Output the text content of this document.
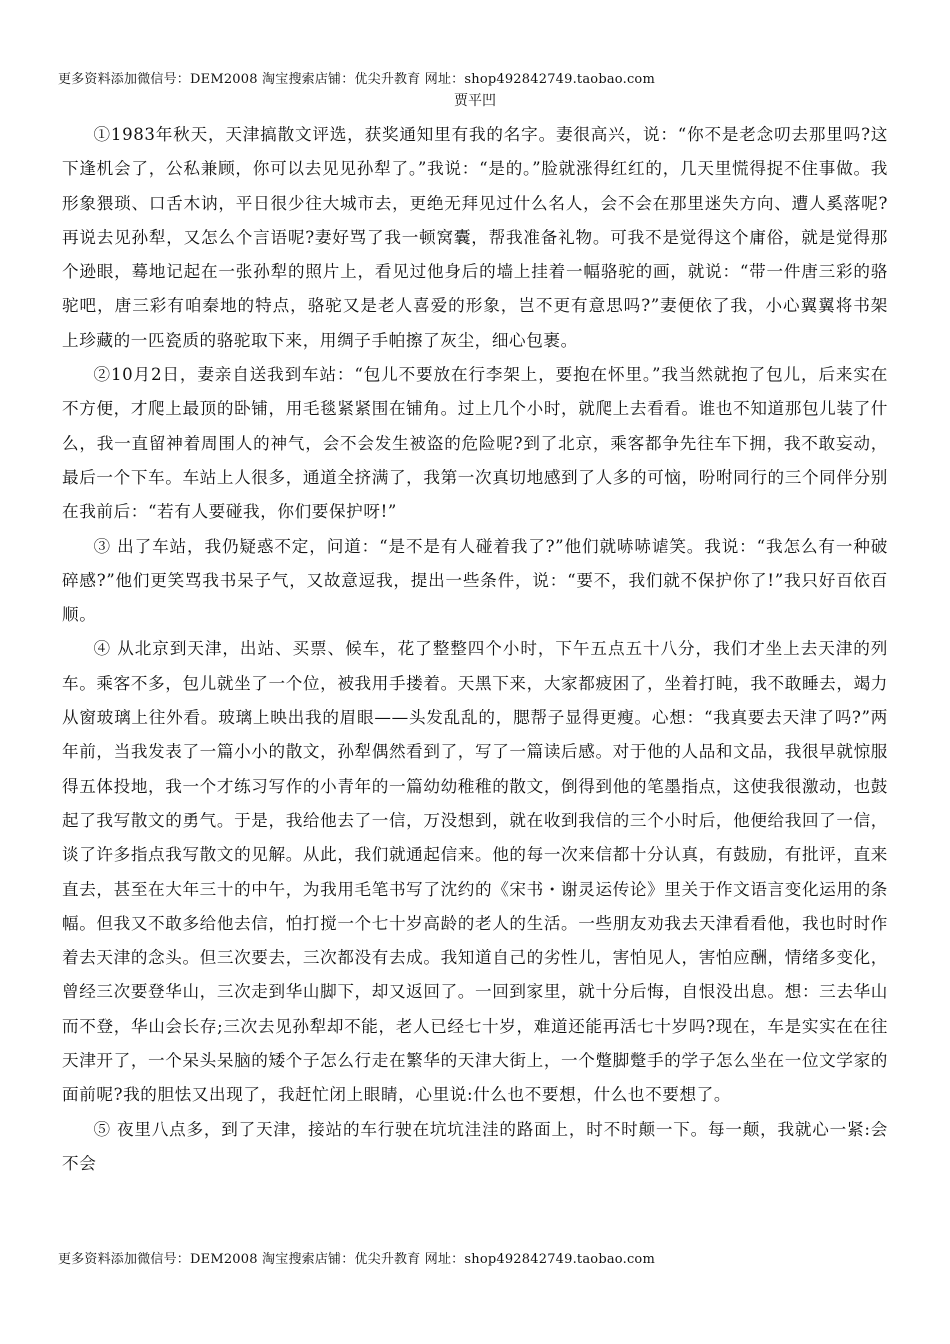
更多资料添加微信号：DEM2008 淘宝搜索店铺：优尖升教育 网址：shop492842749.taobao.com
贾平凹

①1983年秋天，天津搞散文评选，获奖通知里有我的名字。妻很高兴，说：“你不是老念叨去那里吗?这下逢机会了，公私兼顾，你可以去见见孙犁了。”我说：“是的。”脸就涨得红红的，几天里慌得捉不住事做。我形象猥琐、口舌木讷，平日很少往大城市去，更绝无拜见过什么名人，会不会在那里迷失方向、遭人奚落呢?再说去见孙犁，又怎么个言语呢?妻好骂了我一顿窝囊，帮我准备礼物。可我不是觉得这个庸俗，就是觉得那个逊眼，蓦地记起在一张孙犁的照片上，看见过他身后的墙上挂着一幅骆驼的画，就说：“带一件唐三彩的骆驼吧，唐三彩有咱秦地的特点，骆驼又是老人喜爱的形象，岂不更有意思吗?”妻便依了我，小心翼翼将书架上珍藏的一匹瓷质的骆驼取下来，用绸子手帕擦了灰尘，细心包裹。

②10月2日，妻亲自送我到车站：“包儿不要放在行李架上，要抱在怀里。”我当然就抱了包儿，后来实在不方便，才爬上最顶的卧铺，用毛毯紧紧围在铺角。过上几个小时，就爬上去看看。谁也不知道那包儿装了什么，我一直留神着周围人的神气，会不会发生被盗的危险呢?到了北京，乘客都争先往车下拥，我不敢妄动，最后一个下车。车站上人很多，通道全挤满了，我第一次真切地感到了人多的可恼，吩咐同行的三个同伴分别在我前后：“若有人要碰我，你们要保护呀!”

③ 出了车站，我仍疑惑不定，问道：“是不是有人碰着我了?”他们就哧哧谑笑。我说：“我怎么有一种破碎感?”他们更笑骂我书呆子气，又故意逗我，提出一些条件，说：“要不，我们就不保护你了!”我只好百依百顺。

④ 从北京到天津，出站、买票、候车，花了整整四个小时，下午五点五十八分，我们才坐上去天津的列车。乘客不多，包儿就坐了一个位，被我用手搂着。天黑下来，大家都疲困了，坐着打盹，我不敢睡去，竭力从窗玻璃上往外看。玻璃上映出我的眉眼——头发乱乱的，腮帮子显得更瘦。心想：“我真要去天津了吗?”两年前，当我发表了一篇小小的散文，孙犁偶然看到了，写了一篇读后感。对于他的人品和文品，我很早就惊服得五体投地，我一个才练习写作的小青年的一篇幼幼稚稚的散文，倒得到他的笔墨指点，这使我很激动，也鼓起了我写散文的勇气。于是，我给他去了一信，万没想到，就在收到我信的三个小时后，他便给我回了一信，谈了许多指点我写散文的见解。从此，我们就通起信来。他的每一次来信都十分认真，有鼓励，有批评，直来直去，甚至在大年三十的中午，为我用毛笔书写了沈约的《宋书・谢灵运传论》里关于作文语言变化运用的条幅。但我又不敢多给他去信，怕打搅一个七十岁高龄的老人的生活。一些朋友劝我去天津看看他，我也时时作着去天津的念头。但三次要去，三次都没有去成。我知道自己的劣性儿，害怕见人，害怕应酬，情绪多变化，曾经三次要登华山，三次走到华山脚下，却又返回了。一回到家里，就十分后悔，自恨没出息。想：三去华山而不登，华山会长存;三次去见孙犁却不能，老人已经七十岁，难道还能再活七十岁吗?现在，车是实实在在往天津开了，一个呆头呆脑的矮个子怎么行走在繁华的天津大街上，一个蹩脚蹩手的学子怎么坐在一位文学家的面前呢?我的胆怯又出现了，我赶忙闭上眼睛，心里说:什么也不要想，什么也不要想了。

⑤ 夜里八点多，到了天津，接站的车行驶在坑坑洼洼的路面上，时不时颠一下。每一颠，我就心一紧:会不会

更多资料添加微信号：DEM2008 淘宝搜索店铺：优尖升教育 网址：shop492842749.taobao.com
